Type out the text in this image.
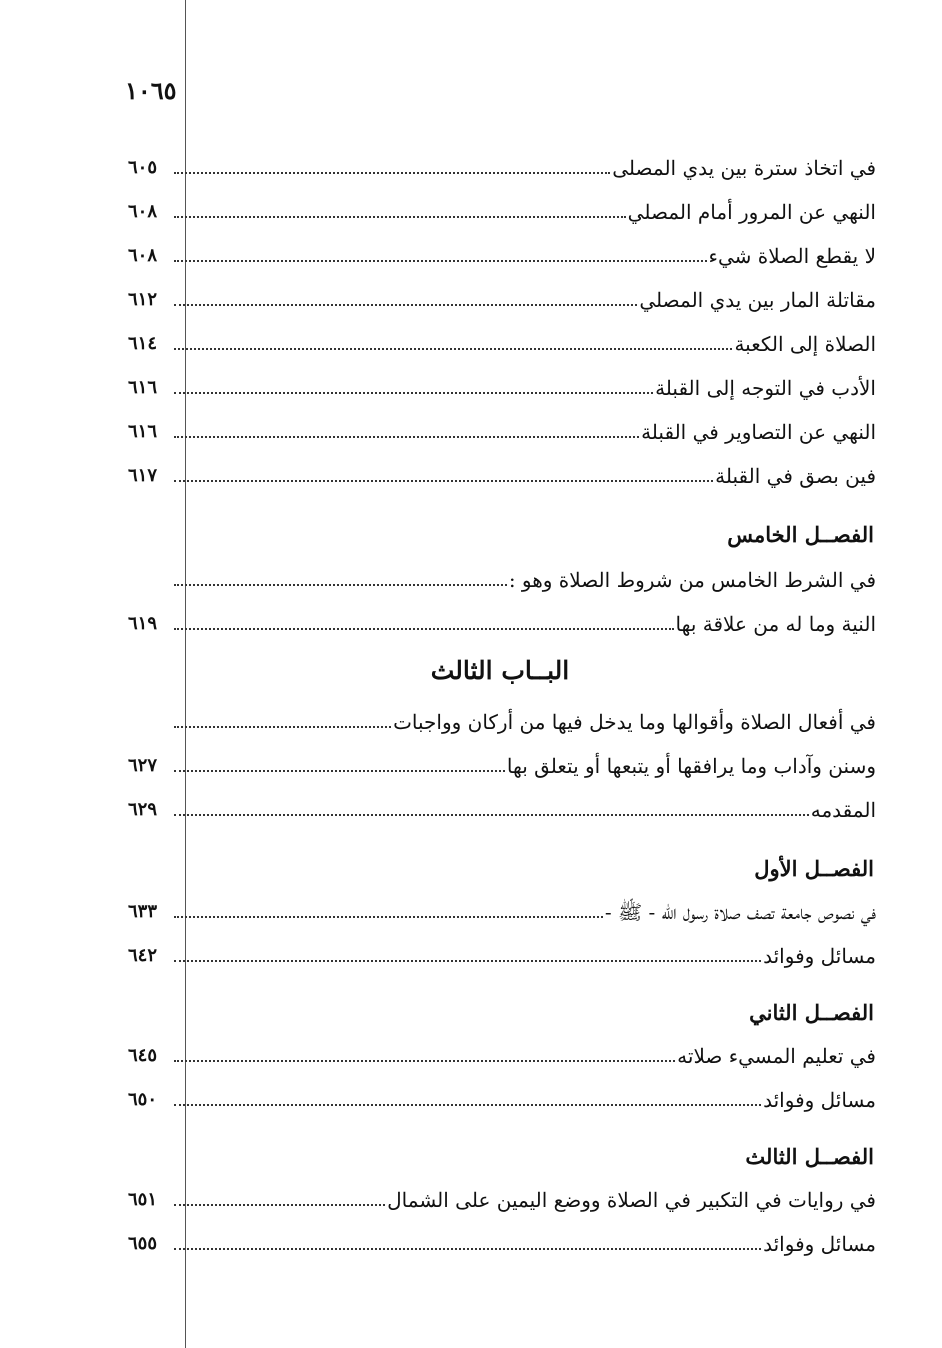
١٠٦٥
في اتخاذ سترة بين يدي المصلى
٦٠٥
النهي عن المرور أمام المصلي
٦٠٨
لا يقطع الصلاة شيء
٦٠٨
مقاتلة المار بين يدي المصلي
٦١٢
الصلاة إلى الكعبة
٦١٤
الأدب في التوجه إلى القبلة
٦١٦
النهي عن التصاوير في القبلة
٦١٦
فين بصق في القبلة
٦١٧
الفصــل الخامس
في الشرط الخامس من شروط الصلاة وهو :
النية وما له من علاقة بها
٦١٩
البــاب الثالث
في أفعال الصلاة وأقوالها وما يدخل فيها من أركان وواجبات
وسنن وآداب وما يرافقها أو يتبعها أو يتعلق بها
٦٢٧
المقدمه
٦٢٩
الفصــل الأول
في نصوص جامعة تصف صلاة رسول الله - ﷺ -
٦٣٣
مسائل وفوائد
٦٤٢
الفصــل الثاني
في تعليم المسيء صلاته
٦٤٥
مسائل وفوائد
٦٥٠
الفصــل الثالث
في روايات في التكبير في الصلاة ووضع اليمين على الشمال
٦٥١
مسائل وفوائد
٦٥٥
